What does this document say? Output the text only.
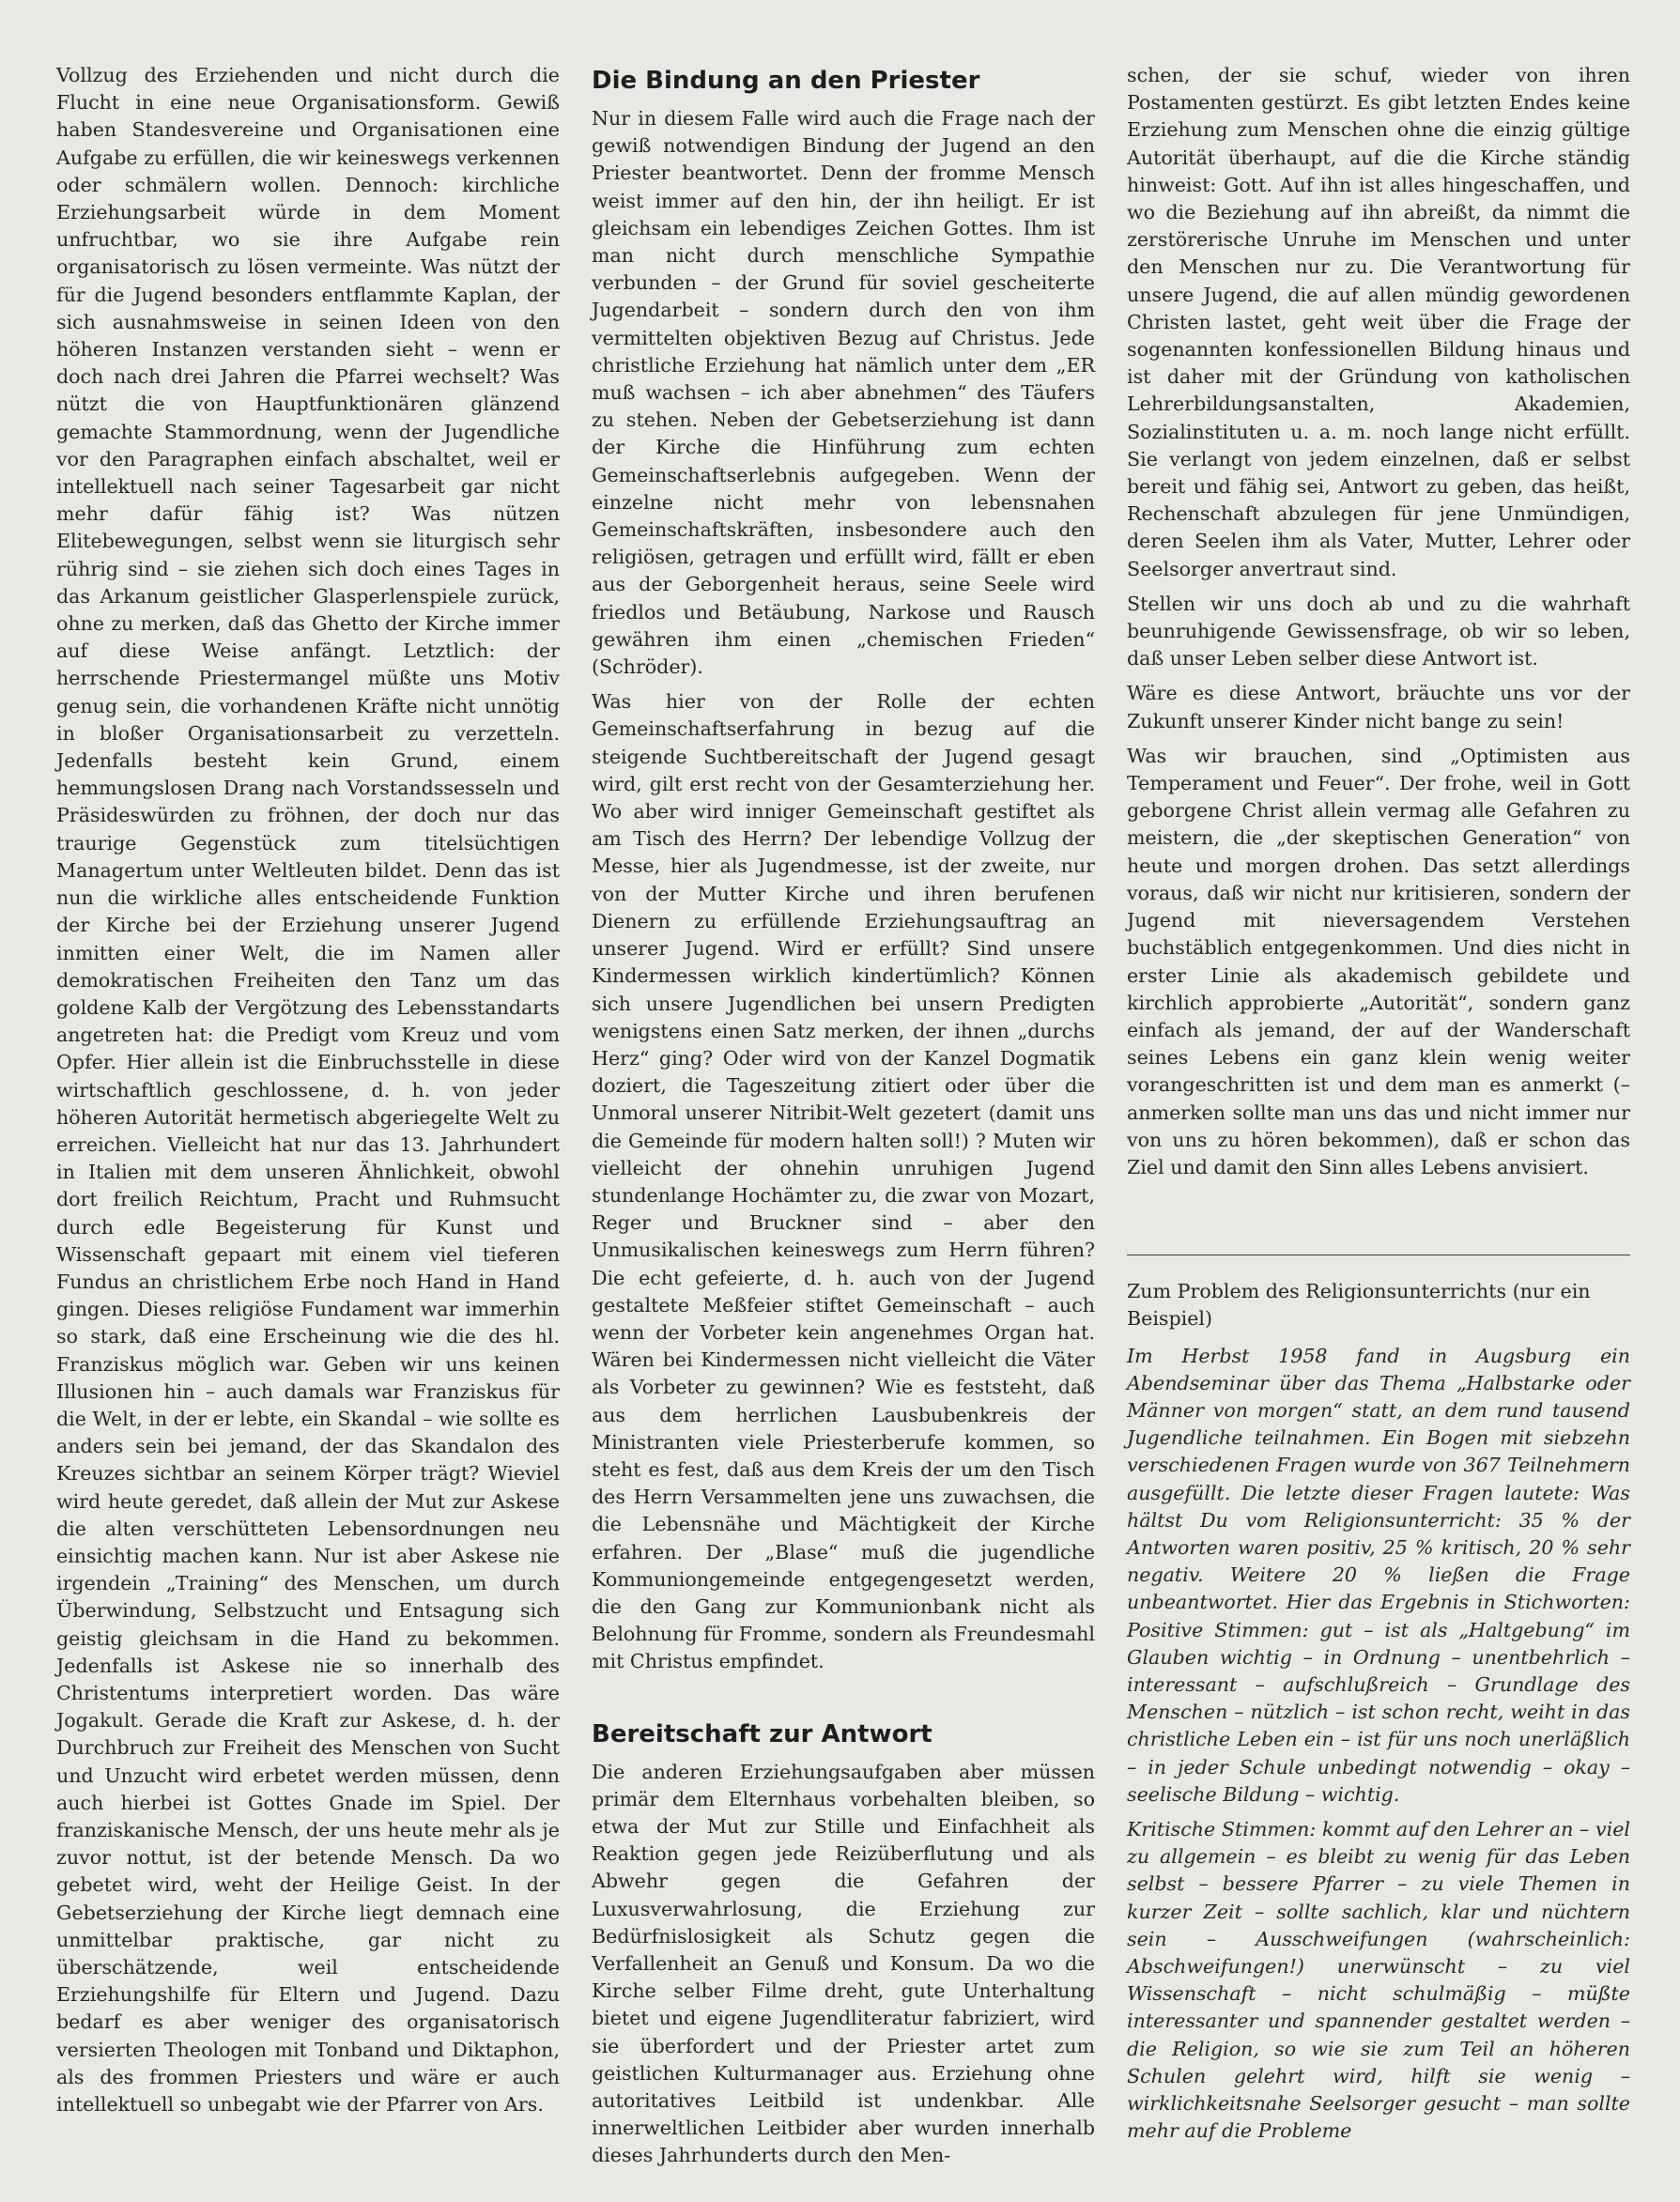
Vollzug des Erziehenden und nicht durch die Flucht in eine neue Organisationsform. Gewiß haben Standesvereine und Organisationen eine Aufgabe zu erfüllen, die wir keineswegs verkennen oder schmälern wollen. Dennoch: kirchliche Erziehungsarbeit würde in dem Moment unfruchtbar, wo sie ihre Aufgabe rein organisatorisch zu lösen vermeinte. Was nützt der für die Jugend besonders entflammte Kaplan, der sich ausnahmsweise in seinen Ideen von den höheren Instanzen verstanden sieht – wenn er doch nach drei Jahren die Pfarrei wechselt? Was nützt die von Hauptfunktionären glänzend gemachte Stammordnung, wenn der Jugendliche vor den Paragraphen einfach abschaltet, weil er intellektuell nach seiner Tagesarbeit gar nicht mehr dafür fähig ist? Was nützen Elitebewegungen, selbst wenn sie liturgisch sehr rührig sind – sie ziehen sich doch eines Tages in das Arkanum geistlicher Glasperlenspiele zurück, ohne zu merken, daß das Ghetto der Kirche immer auf diese Weise anfängt. Letztlich: der herrschende Priestermangel müßte uns Motiv genug sein, die vorhandenen Kräfte nicht unnötig in bloßer Organisationsarbeit zu verzetteln. Jedenfalls besteht kein Grund, einem hemmungslosen Drang nach Vorstandssesseln und Präsideswürden zu fröhnen, der doch nur das traurige Gegenstück zum titelsüchtigen Managertum unter Weltleuten bildet. Denn das ist nun die wirkliche alles entscheidende Funktion der Kirche bei der Erziehung unserer Jugend inmitten einer Welt, die im Namen aller demokratischen Freiheiten den Tanz um das goldene Kalb der Vergötzung des Lebensstandarts angetreten hat: die Predigt vom Kreuz und vom Opfer. Hier allein ist die Einbruchsstelle in diese wirtschaftlich geschlossene, d. h. von jeder höheren Autorität hermetisch abgeriegelte Welt zu erreichen. Vielleicht hat nur das 13. Jahrhundert in Italien mit dem unseren Ähnlichkeit, obwohl dort freilich Reichtum, Pracht und Ruhmsucht durch edle Begeisterung für Kunst und Wissenschaft gepaart mit einem viel tieferen Fundus an christlichem Erbe noch Hand in Hand gingen. Dieses religiöse Fundament war immerhin so stark, daß eine Erscheinung wie die des hl. Franziskus möglich war. Geben wir uns keinen Illusionen hin – auch damals war Franziskus für die Welt, in der er lebte, ein Skandal – wie sollte es anders sein bei jemand, der das Skandalon des Kreuzes sichtbar an seinem Körper trägt? Wieviel wird heute geredet, daß allein der Mut zur Askese die alten verschütteten Lebensordnungen neu einsichtig machen kann. Nur ist aber Askese nie irgendein „Training“ des Menschen, um durch Überwindung, Selbstzucht und Entsagung sich geistig gleichsam in die Hand zu bekommen. Jedenfalls ist Askese nie so innerhalb des Christentums interpretiert worden. Das wäre Jogakult. Gerade die Kraft zur Askese, d. h. der Durchbruch zur Freiheit des Menschen von Sucht und Unzucht wird erbetet werden müssen, denn auch hierbei ist Gottes Gnade im Spiel. Der franziskanische Mensch, der uns heute mehr als je zuvor nottut, ist der betende Mensch. Da wo gebetet wird, weht der Heilige Geist. In der Gebetserziehung der Kirche liegt demnach eine unmittelbar praktische, gar nicht zu überschätzende, weil entscheidende Erziehungshilfe für Eltern und Jugend. Dazu bedarf es aber weniger des organisatorisch versierten Theologen mit Tonband und Diktaphon, als des frommen Priesters und wäre er auch intellektuell so unbegabt wie der Pfarrer von Ars.

Die Bindung an den Priester

Nur in diesem Falle wird auch die Frage nach der gewiß notwendigen Bindung der Jugend an den Priester beantwortet. Denn der fromme Mensch weist immer auf den hin, der ihn heiligt. Er ist gleichsam ein lebendiges Zeichen Gottes. Ihm ist man nicht durch menschliche Sympathie verbunden – der Grund für soviel gescheiterte Jugendarbeit – sondern durch den von ihm vermittelten objektiven Bezug auf Christus. Jede christliche Erziehung hat nämlich unter dem „ER muß wachsen – ich aber abnehmen“ des Täufers zu stehen. Neben der Gebetserziehung ist dann der Kirche die Hinführung zum echten Gemeinschaftserlebnis aufgegeben. Wenn der einzelne nicht mehr von lebensnahen Gemeinschaftskräften, insbesondere auch den religiösen, getragen und erfüllt wird, fällt er eben aus der Geborgenheit heraus, seine Seele wird friedlos und Betäubung, Narkose und Rausch gewähren ihm einen „chemischen Frieden“ (Schröder).

Was hier von der Rolle der echten Gemeinschaftserfahrung in bezug auf die steigende Suchtbereitschaft der Jugend gesagt wird, gilt erst recht von der Gesamterziehung her. Wo aber wird inniger Gemeinschaft gestiftet als am Tisch des Herrn? Der lebendige Vollzug der Messe, hier als Jugendmesse, ist der zweite, nur von der Mutter Kirche und ihren berufenen Dienern zu erfüllende Erziehungsauftrag an unserer Jugend. Wird er erfüllt? Sind unsere Kindermessen wirklich kindertümlich? Können sich unsere Jugendlichen bei unsern Predigten wenigstens einen Satz merken, der ihnen „durchs Herz“ ging? Oder wird von der Kanzel Dogmatik doziert, die Tageszeitung zitiert oder über die Unmoral unserer Nitribit-Welt gezetert (damit uns die Gemeinde für modern halten soll!) ? Muten wir vielleicht der ohnehin unruhigen Jugend stundenlange Hochämter zu, die zwar von Mozart, Reger und Bruckner sind – aber den Unmusikalischen keineswegs zum Herrn führen? Die echt gefeierte, d. h. auch von der Jugend gestaltete Meßfeier stiftet Gemeinschaft – auch wenn der Vorbeter kein angenehmes Organ hat. Wären bei Kindermessen nicht vielleicht die Väter als Vorbeter zu gewinnen? Wie es feststeht, daß aus dem herrlichen Lausbubenkreis der Ministranten viele Priesterberufe kommen, so steht es fest, daß aus dem Kreis der um den Tisch des Herrn Versammelten jene uns zuwachsen, die die Lebensnähe und Mächtigkeit der Kirche erfahren. Der „Blase“ muß die jugendliche Kommuniongemeinde entgegengesetzt werden, die den Gang zur Kommunionbank nicht als Belohnung für Fromme, sondern als Freundesmahl mit Christus empfindet.

Bereitschaft zur Antwort

Die anderen Erziehungsaufgaben aber müssen primär dem Elternhaus vorbehalten bleiben, so etwa der Mut zur Stille und Einfachheit als Reaktion gegen jede Reizüberflutung und als Abwehr gegen die Gefahren der Luxusverwahrlosung, die Erziehung zur Bedürfnislosigkeit als Schutz gegen die Verfallenheit an Genuß und Konsum. Da wo die Kirche selber Filme dreht, gute Unterhaltung bietet und eigene Jugendliteratur fabriziert, wird sie überfordert und der Priester artet zum geistlichen Kulturmanager aus. Erziehung ohne autoritatives Leitbild ist undenkbar. Alle innerweltlichen Leitbider aber wurden innerhalb dieses Jahrhunderts durch den Men-

schen, der sie schuf, wieder von ihren Postamenten gestürzt. Es gibt letzten Endes keine Erziehung zum Menschen ohne die einzig gültige Autorität überhaupt, auf die die Kirche ständig hinweist: Gott. Auf ihn ist alles hingeschaffen, und wo die Beziehung auf ihn abreißt, da nimmt die zerstörerische Unruhe im Menschen und unter den Menschen nur zu. Die Verantwortung für unsere Jugend, die auf allen mündig gewordenen Christen lastet, geht weit über die Frage der sogenannten konfessionellen Bildung hinaus und ist daher mit der Gründung von katholischen Lehrerbildungsanstalten, Akademien, Sozialinstituten u. a. m. noch lange nicht erfüllt. Sie verlangt von jedem einzelnen, daß er selbst bereit und fähig sei, Antwort zu geben, das heißt, Rechenschaft abzulegen für jene Unmündigen, deren Seelen ihm als Vater, Mutter, Lehrer oder Seelsorger anvertraut sind.

Stellen wir uns doch ab und zu die wahrhaft beunruhigende Gewissensfrage, ob wir so leben, daß unser Leben selber diese Antwort ist.

Wäre es diese Antwort, bräuchte uns vor der Zukunft unserer Kinder nicht bange zu sein!

Was wir brauchen, sind „Optimisten aus Temperament und Feuer“. Der frohe, weil in Gott geborgene Christ allein vermag alle Gefahren zu meistern, die „der skeptischen Generation“ von heute und morgen drohen. Das setzt allerdings voraus, daß wir nicht nur kritisieren, sondern der Jugend mit nieversagendem Verstehen buchstäblich entgegenkommen. Und dies nicht in erster Linie als akademisch gebildete und kirchlich approbierte „Autorität“, sondern ganz einfach als jemand, der auf der Wanderschaft seines Lebens ein ganz klein wenig weiter vorangeschritten ist und dem man es anmerkt (– anmerken sollte man uns das und nicht immer nur von uns zu hören bekommen), daß er schon das Ziel und damit den Sinn alles Lebens anvisiert.

Zum Problem des Religionsunterrichts (nur ein Beispiel)

Im Herbst 1958 fand in Augsburg ein Abendseminar über das Thema „Halbstarke oder Männer von morgen“ statt, an dem rund tausend Jugendliche teilnahmen. Ein Bogen mit siebzehn verschiedenen Fragen wurde von 367 Teilnehmern ausgefüllt. Die letzte dieser Fragen lautete: Was hältst Du vom Religionsunterricht: 35 % der Antworten waren positiv, 25 % kritisch, 20 % sehr negativ. Weitere 20 % ließen die Frage unbeantwortet. Hier das Ergebnis in Stichworten: Positive Stimmen: gut – ist als „Haltgebung“ im Glauben wichtig – in Ordnung – unentbehrlich – interessant – aufschlußreich – Grundlage des Menschen – nützlich – ist schon recht, weiht in das christliche Leben ein – ist für uns noch unerläßlich – in jeder Schule unbedingt notwendig – okay – seelische Bildung – wichtig.

Kritische Stimmen: kommt auf den Lehrer an – viel zu allgemein – es bleibt zu wenig für das Leben selbst – bessere Pfarrer – zu viele Themen in kurzer Zeit – sollte sachlich, klar und nüchtern sein – Ausschweifungen (wahrscheinlich: Abschweifungen!) unerwünscht – zu viel Wissenschaft – nicht schulmäßig – müßte interessanter und spannender gestaltet werden – die Religion, so wie sie zum Teil an höheren Schulen gelehrt wird, hilft sie wenig – wirklichkeitsnahe Seelsorger gesucht – man sollte mehr auf die Probleme
